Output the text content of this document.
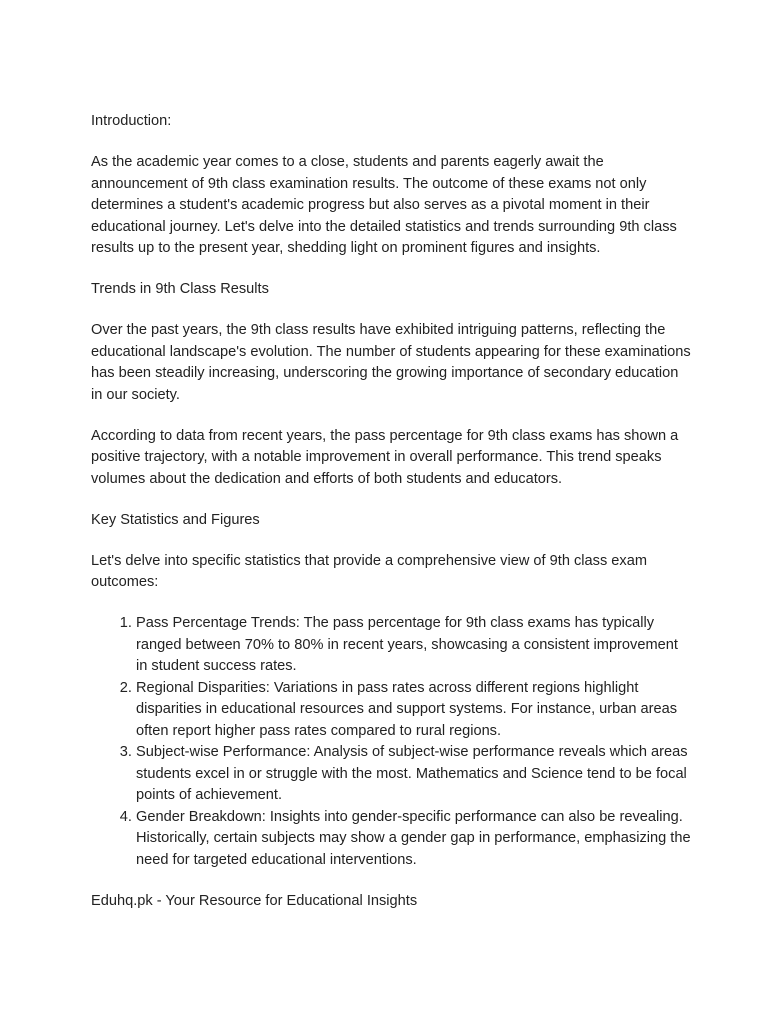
Introduction:

As the academic year comes to a close, students and parents eagerly await the announcement of 9th class examination results. The outcome of these exams not only determines a student's academic progress but also serves as a pivotal moment in their educational journey. Let's delve into the detailed statistics and trends surrounding 9th class results up to the present year, shedding light on prominent figures and insights.

Trends in 9th Class Results

Over the past years, the 9th class results have exhibited intriguing patterns, reflecting the educational landscape's evolution. The number of students appearing for these examinations has been steadily increasing, underscoring the growing importance of secondary education in our society.

According to data from recent years, the pass percentage for 9th class exams has shown a positive trajectory, with a notable improvement in overall performance. This trend speaks volumes about the dedication and efforts of both students and educators.

Key Statistics and Figures

Let's delve into specific statistics that provide a comprehensive view of 9th class exam outcomes:

1. Pass Percentage Trends: The pass percentage for 9th class exams has typically ranged between 70% to 80% in recent years, showcasing a consistent improvement in student success rates.
2. Regional Disparities: Variations in pass rates across different regions highlight disparities in educational resources and support systems. For instance, urban areas often report higher pass rates compared to rural regions.
3. Subject-wise Performance: Analysis of subject-wise performance reveals which areas students excel in or struggle with the most. Mathematics and Science tend to be focal points of achievement.
4. Gender Breakdown: Insights into gender-specific performance can also be revealing. Historically, certain subjects may show a gender gap in performance, emphasizing the need for targeted educational interventions.

Eduhq.pk - Your Resource for Educational Insights
